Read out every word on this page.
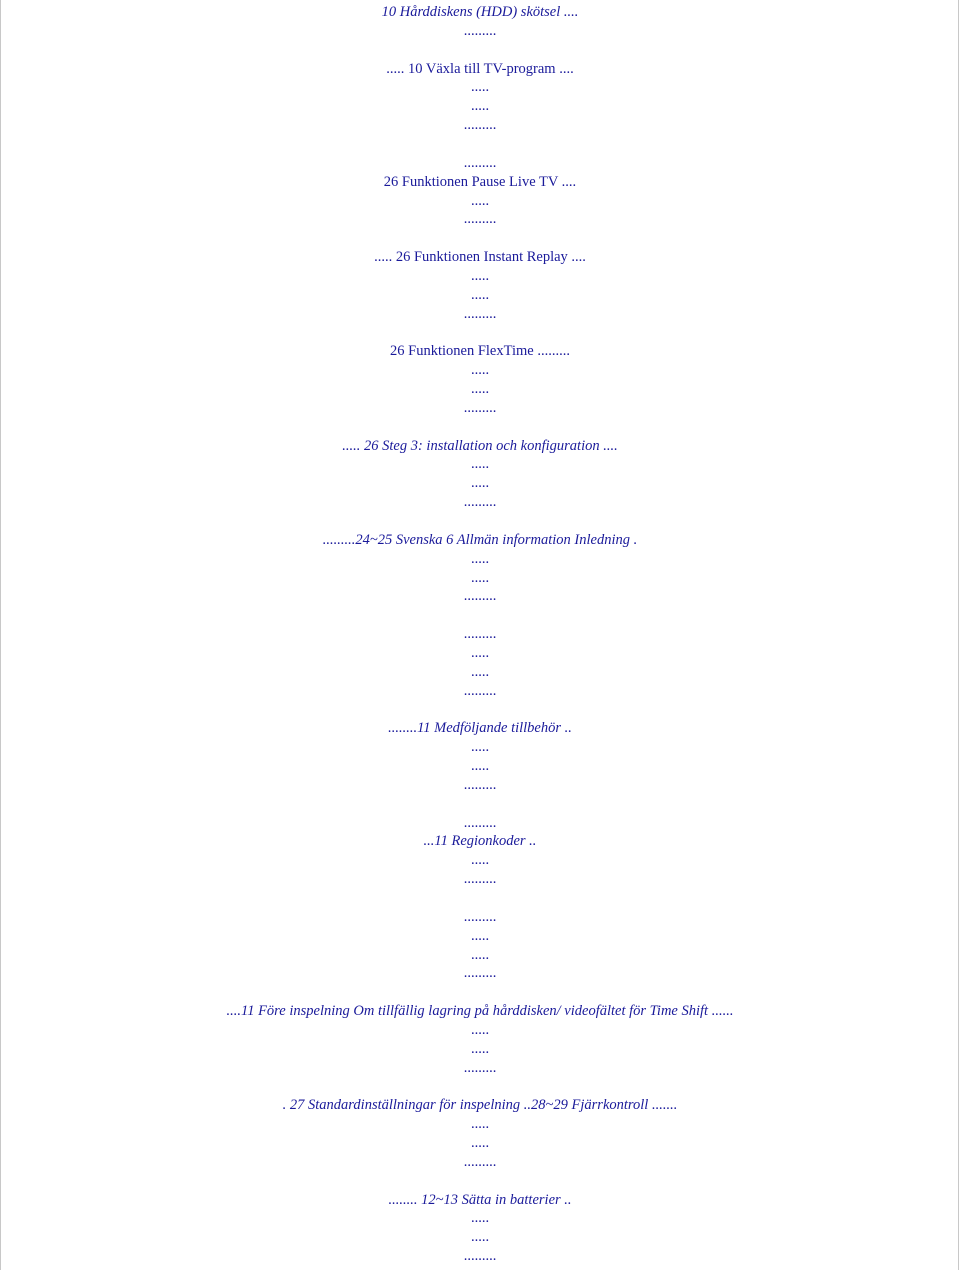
10 Hårddiskens (HDD) skötsel ....
.........
..... 10 Växla till TV-program ....
.....
.....
.........
.........
26 Funktionen Pause Live TV ....
.....
.........
..... 26 Funktionen Instant Replay ....
.....
.....
.........
26 Funktionen FlexTime .........
.....
.....
.........
..... 26 Steg 3: installation och konfiguration ....
.....
.....
.........
.........24~25 Svenska 6 Allmän information Inledning .
.....
.....
.........
.........
.....
.....
.........
........11 Medföljande tillbehör ..
.....
.....
.........
.........
...11 Regionkoder ..
.....
.........
.........
.....
.....
.........
....11 Före inspelning Om tillfällig lagring på hårddisken/ videofältet för Time Shift ......
.....
.....
.........
. 27 Standardinställningar för inspelning ..28~29 Fjärrkontroll .......
.....
.....
.........
........ 12~13 Sätta in batterier ..
.....
.....
.........
